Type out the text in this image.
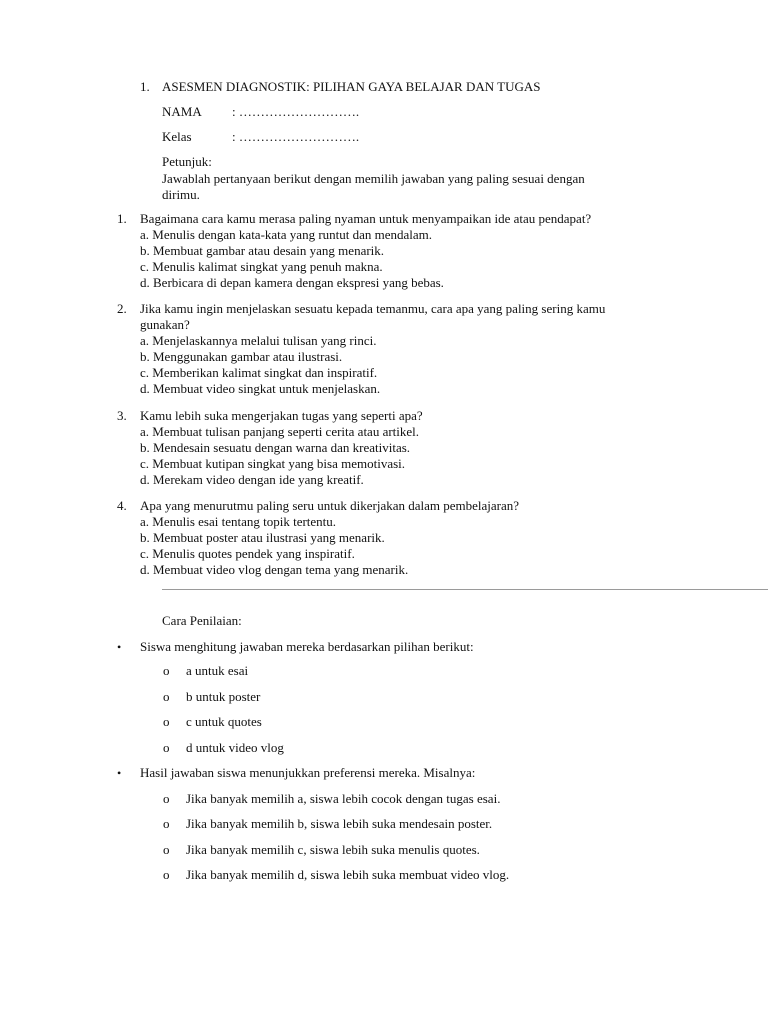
1. ASESMEN DIAGNOSTIK: PILIHAN GAYA BELAJAR DAN TUGAS
NAMA : ……………………….
Kelas	: ……………………….
Petunjuk:
Jawablah pertanyaan berikut dengan memilih jawaban yang paling sesuai dengan
dirimu.
1. Bagaimana cara kamu merasa paling nyaman untuk menyampaikan ide atau pendapat?
a. Menulis dengan kata-kata yang runtut dan mendalam.
b. Membuat gambar atau desain yang menarik.
c. Menulis kalimat singkat yang penuh makna.
d. Berbicara di depan kamera dengan ekspresi yang bebas.
2. Jika kamu ingin menjelaskan sesuatu kepada temanmu, cara apa yang paling sering kamu
gunakan?
a. Menjelaskannya melalui tulisan yang rinci.
b. Menggunakan gambar atau ilustrasi.
c. Memberikan kalimat singkat dan inspiratif.
d. Membuat video singkat untuk menjelaskan.
3. Kamu lebih suka mengerjakan tugas yang seperti apa?
a. Membuat tulisan panjang seperti cerita atau artikel.
b. Mendesain sesuatu dengan warna dan kreativitas.
c. Membuat kutipan singkat yang bisa memotivasi.
d. Merekam video dengan ide yang kreatif.
4. Apa yang menurutmu paling seru untuk dikerjakan dalam pembelajaran?
a. Menulis esai tentang topik tertentu.
b. Membuat poster atau ilustrasi yang menarik.
c. Menulis quotes pendek yang inspiratif.
d. Membuat video vlog dengan tema yang menarik.
Cara Penilaian:
• Siswa menghitung jawaban mereka berdasarkan pilihan berikut:
o a untuk esai
o b untuk poster
o c untuk quotes
o d untuk video vlog
• Hasil jawaban siswa menunjukkan preferensi mereka. Misalnya:
o Jika banyak memilih a, siswa lebih cocok dengan tugas esai.
o Jika banyak memilih b, siswa lebih suka mendesain poster.
o Jika banyak memilih c, siswa lebih suka menulis quotes.
o Jika banyak memilih d, siswa lebih suka membuat video vlog.
